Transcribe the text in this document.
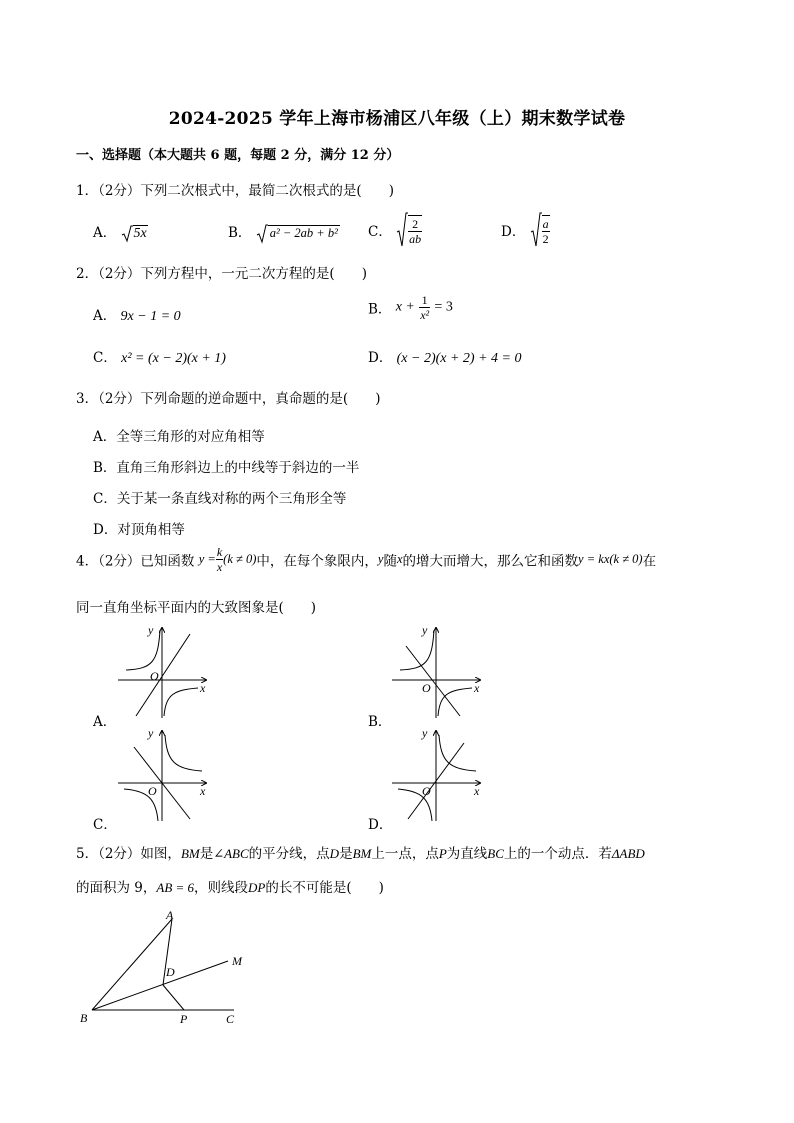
2024-2025 学年上海市杨浦区八年级（上）期末数学试卷
一、选择题（本大题共 6 题，每题 2 分，满分 12 分）
1．（2分）下列二次根式中，最简二次根式的是(　　)
A． 5x	B． a² − 2ab + b² C． $\frac{2}{ab}$	D． $\frac{a}{2}$
2．（2分）下列方程中，一元二次方程的是(　　)
A． 9x − 1 = 0	B． $x + \frac{1}{\text{x²}} = 3$
C． x² = (x − 2)(x + 1)	D． (x − 2)(x + 2) + 4 = 0
3．（2分）下列命题的逆命题中，真命题的是(　　)
A．全等三角形的对应角相等
B．直角三角形斜边上的中线等于斜边的一半
C．关于某一条直线对称的两个三角形全等
D．对顶角相等
4．（2分）已知函数 $y = \frac{k}{x} (k \ne 0)$中，在每个象限内，y随x的增大而增大，那么它和函数y = kx(k ≠ 0)在
同一直角坐标平面内的大致图象是(　　)
A．	B．
C．	D．
y
x
O
y
x
O
y
x
O
y
x
O
5．（2分）如图，BM是∠ABC的平分线，点D是BM上一点，点P为直线BC上的一个动点．若ΔABD
的面积为 9，AB = 6，则线段DP的长不可能是(　　)
A
B	C
D
M
P
